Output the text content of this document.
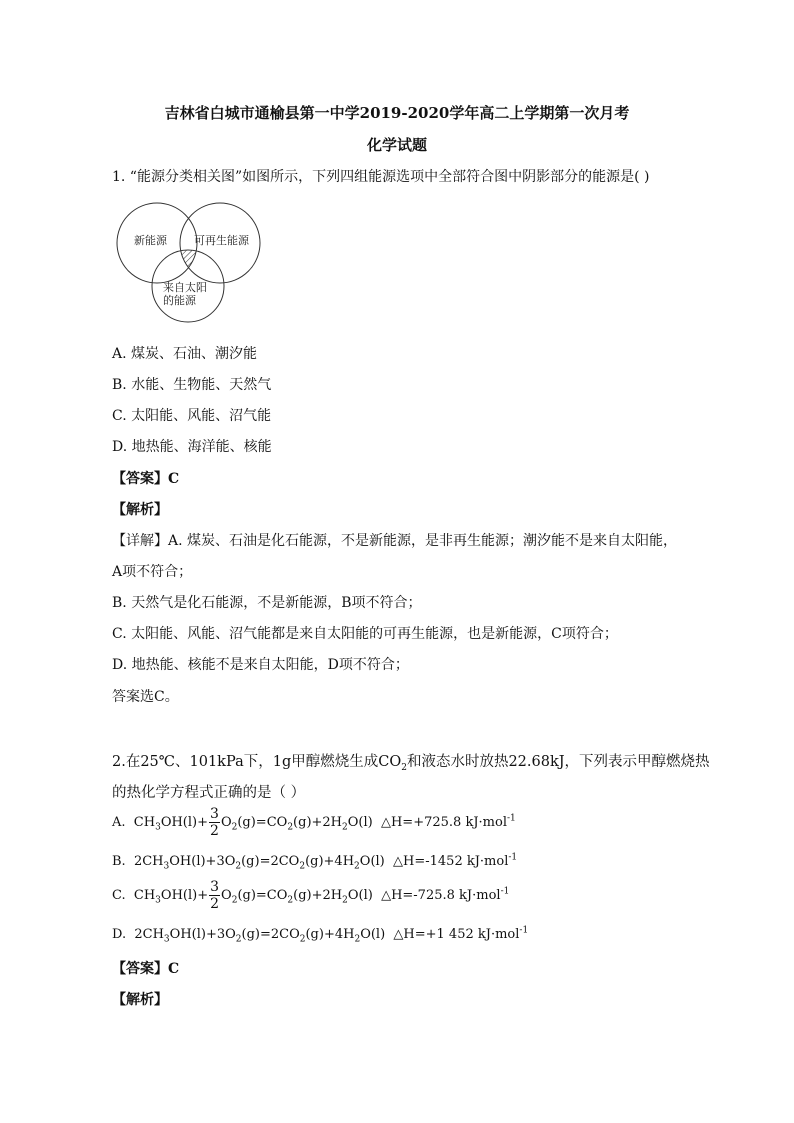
吉林省白城市通榆县第一中学2019-2020学年高二上学期第一次月考
化学试题
1. “能源分类相关图”如图所示，下列四组能源选项中全部符合图中阴影部分的能源是( )
新能源 可再生能源
来自太阳
的能源
A. 煤炭、石油、潮汐能
B. 水能、生物能、天然气
C. 太阳能、风能、沼气能
D. 地热能、海洋能、核能
【答案】C
【解析】
【详解】A. 煤炭、石油是化石能源，不是新能源，是非再生能源；潮汐能不是来自太阳能，
A项不符合；
B. 天然气是化石能源，不是新能源，B项不符合；
C. 太阳能、风能、沼气能都是来自太阳能的可再生能源，也是新能源，C项符合；
D. 地热能、核能不是来自太阳能，D项不符合；
答案选C。
2.在25℃、101kPa下，1g甲醇燃烧生成$CO_2$和液态水时放热22.68kJ，下列表示甲醇燃烧热
的热化学方程式正确的是（ ）
A.  $CH_3OH(l)+ \frac{3}{2} O_2(g)=CO_2(g)+2H_2O(l)$  △H=+725.8 kJ·mol$^{-1}$
B.  $2CH_3OH(l)+3O_2(g)=2CO_2(g)+4H_2O(l)$  △H=-1452 kJ·mol$^{-1}$
C.  $CH_3OH(l)+ \frac{3}{2} O_2(g)=CO_2(g)+2H_2O(l)$  △H=-725.8 kJ·mol$^{-1}$
D.  $2CH_3OH(l)+3O_2(g)=2CO_2(g)+4H_2O(l)$  △H=+1 452 kJ·mol$^{-1}$
【答案】C
【解析】
